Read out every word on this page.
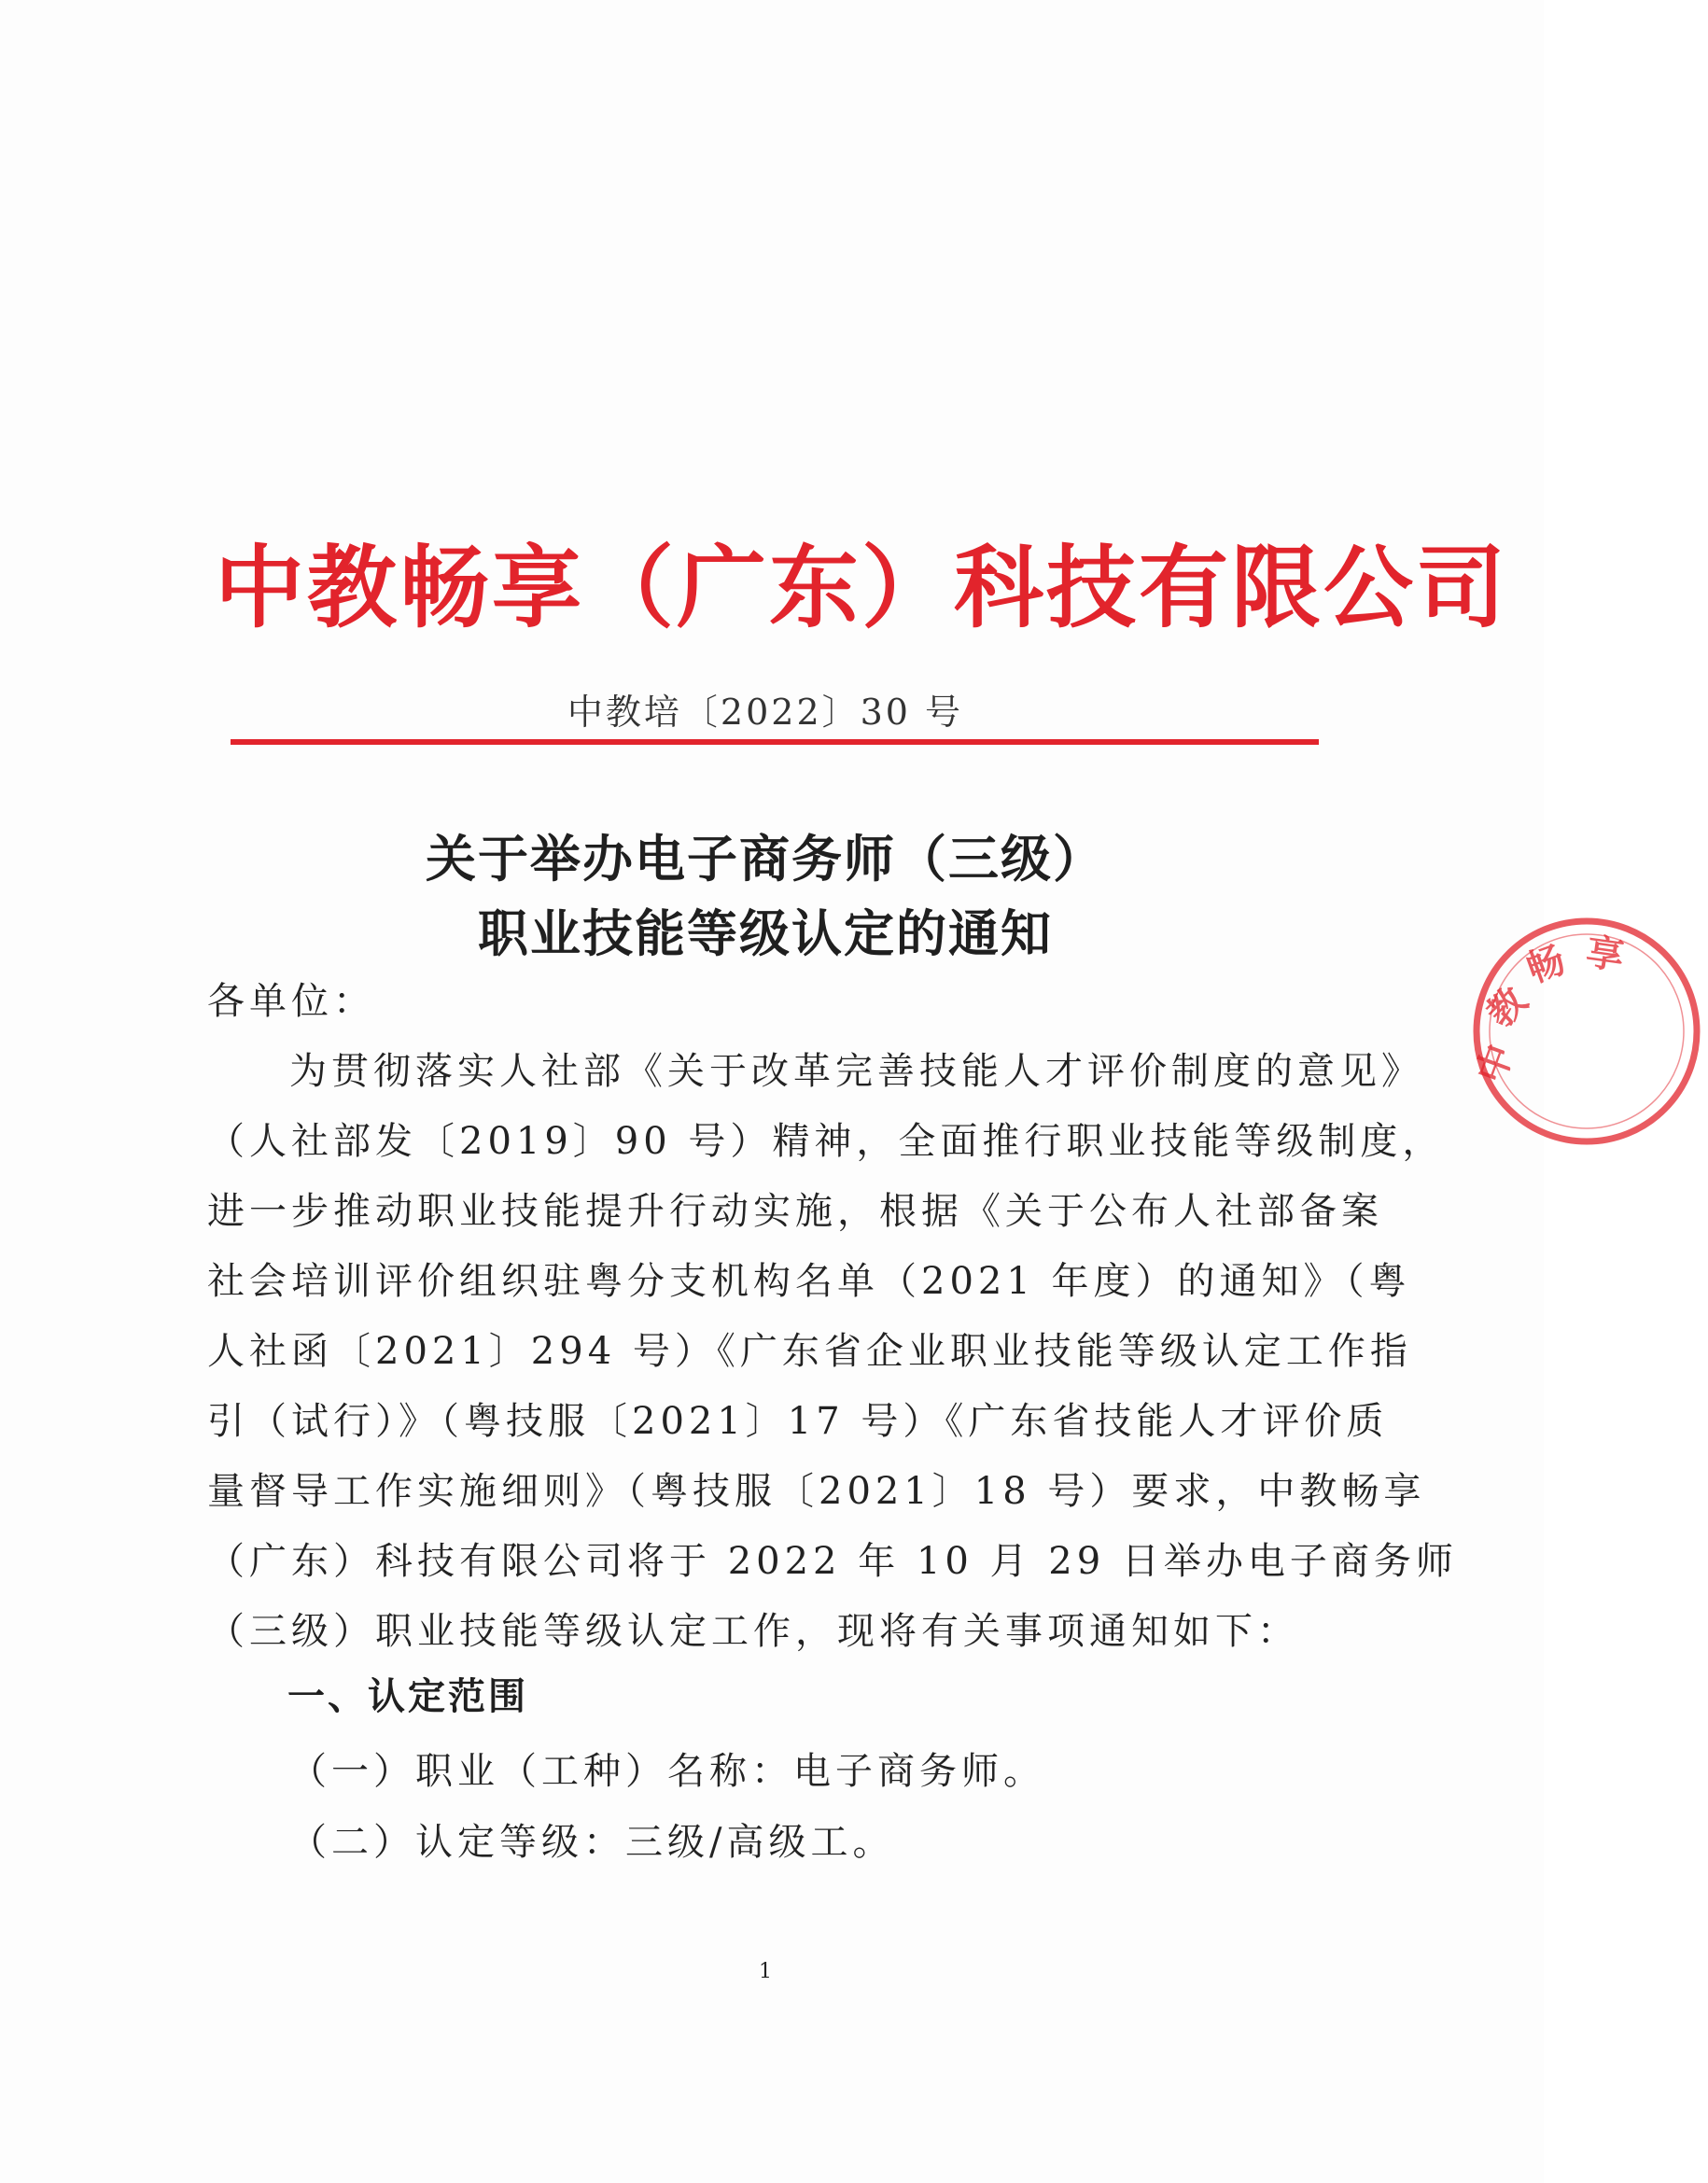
中教畅享（广东）科技有限公司
中教培〔2022〕30 号
关于举办电子商务师（三级）
职业技能等级认定的通知
各单位：
为贯彻落实人社部《关于改革完善技能人才评价制度的意见》
（人社部发〔2019〕90 号）精神，全面推行职业技能等级制度，
进一步推动职业技能提升行动实施，根据《关于公布人社部备案
社会培训评价组织驻粤分支机构名单（2021 年度）的通知》（粤
人社函〔2021〕294 号）《广东省企业职业技能等级认定工作指
引（试行）》（粤技服〔2021〕17 号）《广东省技能人才评价质
量督导工作实施细则》（粤技服〔2021〕18 号）要求，中教畅享
（广东）科技有限公司将于 2022 年 10 月 29 日举办电子商务师
（三级）职业技能等级认定工作，现将有关事项通知如下：
一、认定范围
（一）职业（工种）名称：电子商务师。
（二）认定等级：三级/高级工。
1
中
教
畅 享
